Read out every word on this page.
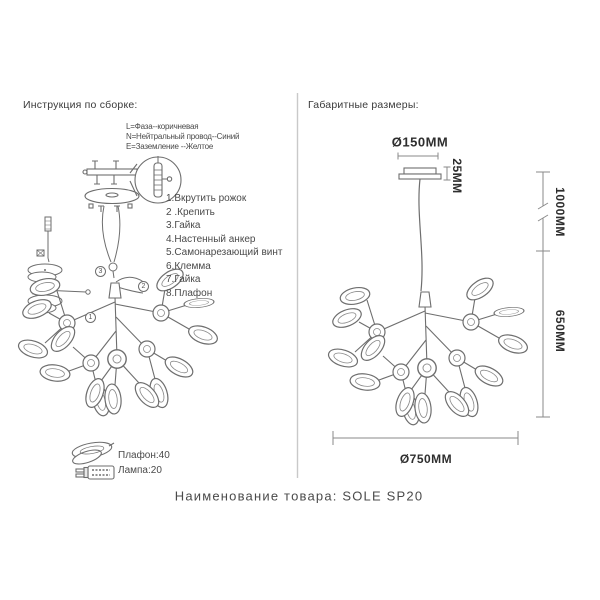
Инструкция по сборке:
L=Фаза--коричневая
N=Нейтральный провод--Синий
E=Заземление --Желтое
1.Вкрутить рожок
2 .Крепить
3.Гайка
4.Настенный анкер
5.Самонарезающий винт
6.Клемма
7.Гайка
8.Плафон
3
2
1
Плафон:40
Лампа:20
Габаритные размеры:
Ø150MM
25MM
1000MM
650MM
Ø750MM
Наименование товара: SOLE SP20
